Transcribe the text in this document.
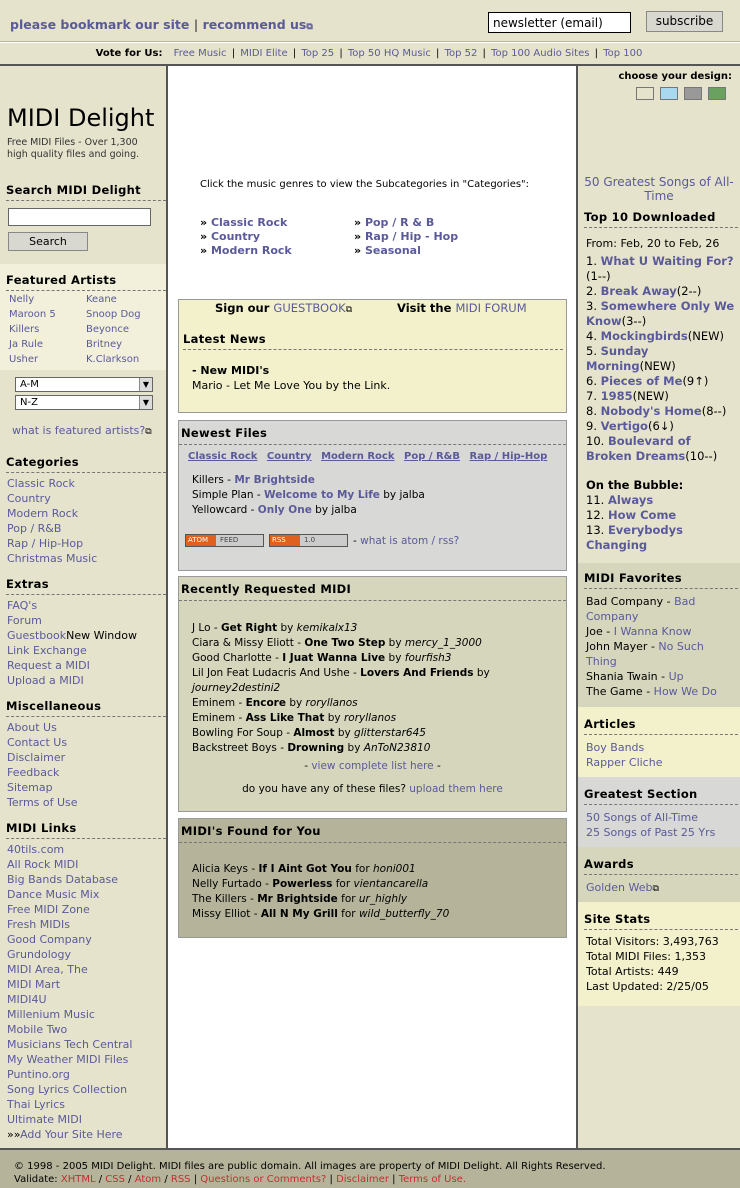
please bookmark our site | recommend us⧉
newsletter (email)	subscribe
Vote for Us: Free Music | MIDI Elite | Top 25 | Top 50 HQ Music | Top 52 | Top 100 Audio Sites | Top 100
MIDI Delight
Free MIDI Files - Over 1,300 high quality files and going.
Search MIDI Delight
Search
Featured Artists
Nelly	Keane
Maroon 5	Snoop Dog
Killers	Beyonce
Ja Rule	Britney
Usher	K.Clarkson
A-M	▼
N-Z	▼
what is featured artists?⧉
Categories
Classic Rock
Country
Modern Rock
Pop / R&B
Rap / Hip-Hop
Christmas Music
Extras
FAQ's
Forum
GuestbookNew Window
Link Exchange
Request a MIDI
Upload a MIDI
Miscellaneous
About Us
Contact Us
Disclaimer
Feedback
Sitemap
Terms of Use
MIDI Links
40tils.com
All Rock MIDI
Big Bands Database
Dance Music Mix
Free MIDI Zone
Fresh MIDIs
Good Company
Grundology
MIDI Area, The
MIDI Mart
MIDI4U
Millenium Music
Mobile Two
Musicians Tech Central
My Weather MIDI Files
Puntino.org
Song Lyrics Collection
Thai Lyrics
Ultimate MIDI
»»Add Your Site Here
Click the music genres to view the Subcategories in "Categories":
» Classic Rock
» Country
» Modern Rock
» Pop / R & B
» Rap / Hip - Hop
» Seasonal
Sign our GUESTBOOK⧉	Visit the MIDI FORUM
Latest News
- New MIDI's
Mario - Let Me Love You by the Link.
Newest Files
Classic Rock Country Modern Rock Pop / R&B Rap / Hip-Hop
Killers - Mr Brightside
Simple Plan - Welcome to My Life by jalba
Yellowcard - Only One by jalba
ATOM	FEED	RSS	1.0	- what is atom / rss?
Recently Requested MIDI
J Lo - Get Right by kemikalx13
Ciara & Missy Eliott - One Two Step by mercy_1_3000
Good Charlotte - I Juat Wanna Live by fourfish3
Lil Jon Feat Ludacris And Ushe - Lovers And Friends by journey2destini2
Eminem - Encore by roryllanos
Eminem - Ass Like That by roryllanos
Bowling For Soup - Almost by glitterstar645
Backstreet Boys - Drowning by AnToN23810
- view complete list here -
do you have any of these files? upload them here
MIDI's Found for You
Alicia Keys - If I Aint Got You for honi001
Nelly Furtado - Powerless for vientancarella
The Killers - Mr Brightside for ur_highly
Missy Elliot - All N My Grill for wild_butterfly_70
choose your design:
50 Greatest Songs of All-Time
Top 10 Downloaded
From: Feb, 20 to Feb, 26
1. What U Waiting For?(1--)
2. Break Away(2--)
3. Somewhere Only We Know(3--)
4. Mockingbirds(NEW)
5. Sunday Morning(NEW)
6. Pieces of Me(9↑)
7. 1985(NEW)
8. Nobody's Home(8--)
9. Vertigo(6↓)
10. Boulevard of Broken Dreams(10--)
On the Bubble:
11. Always
12. How Come
13. Everybodys Changing
MIDI Favorites
Bad Company - Bad Company
Joe - I Wanna Know
John Mayer - No Such Thing
Shania Twain - Up
The Game - How We Do
Articles
Boy Bands
Rapper Cliche
Greatest Section
50 Songs of All-Time
25 Songs of Past 25 Yrs
Awards
Golden Web⧉
Site Stats
Total Visitors: 3,493,763
Total MIDI Files: 1,353
Total Artists: 449
Last Updated: 2/25/05
© 1998 - 2005 MIDI Delight. MIDI files are public domain. All images are property of MIDI Delight. All Rights Reserved.
Validate: XHTML / CSS / Atom / RSS | Questions or Comments? | Disclaimer | Terms of Use.
